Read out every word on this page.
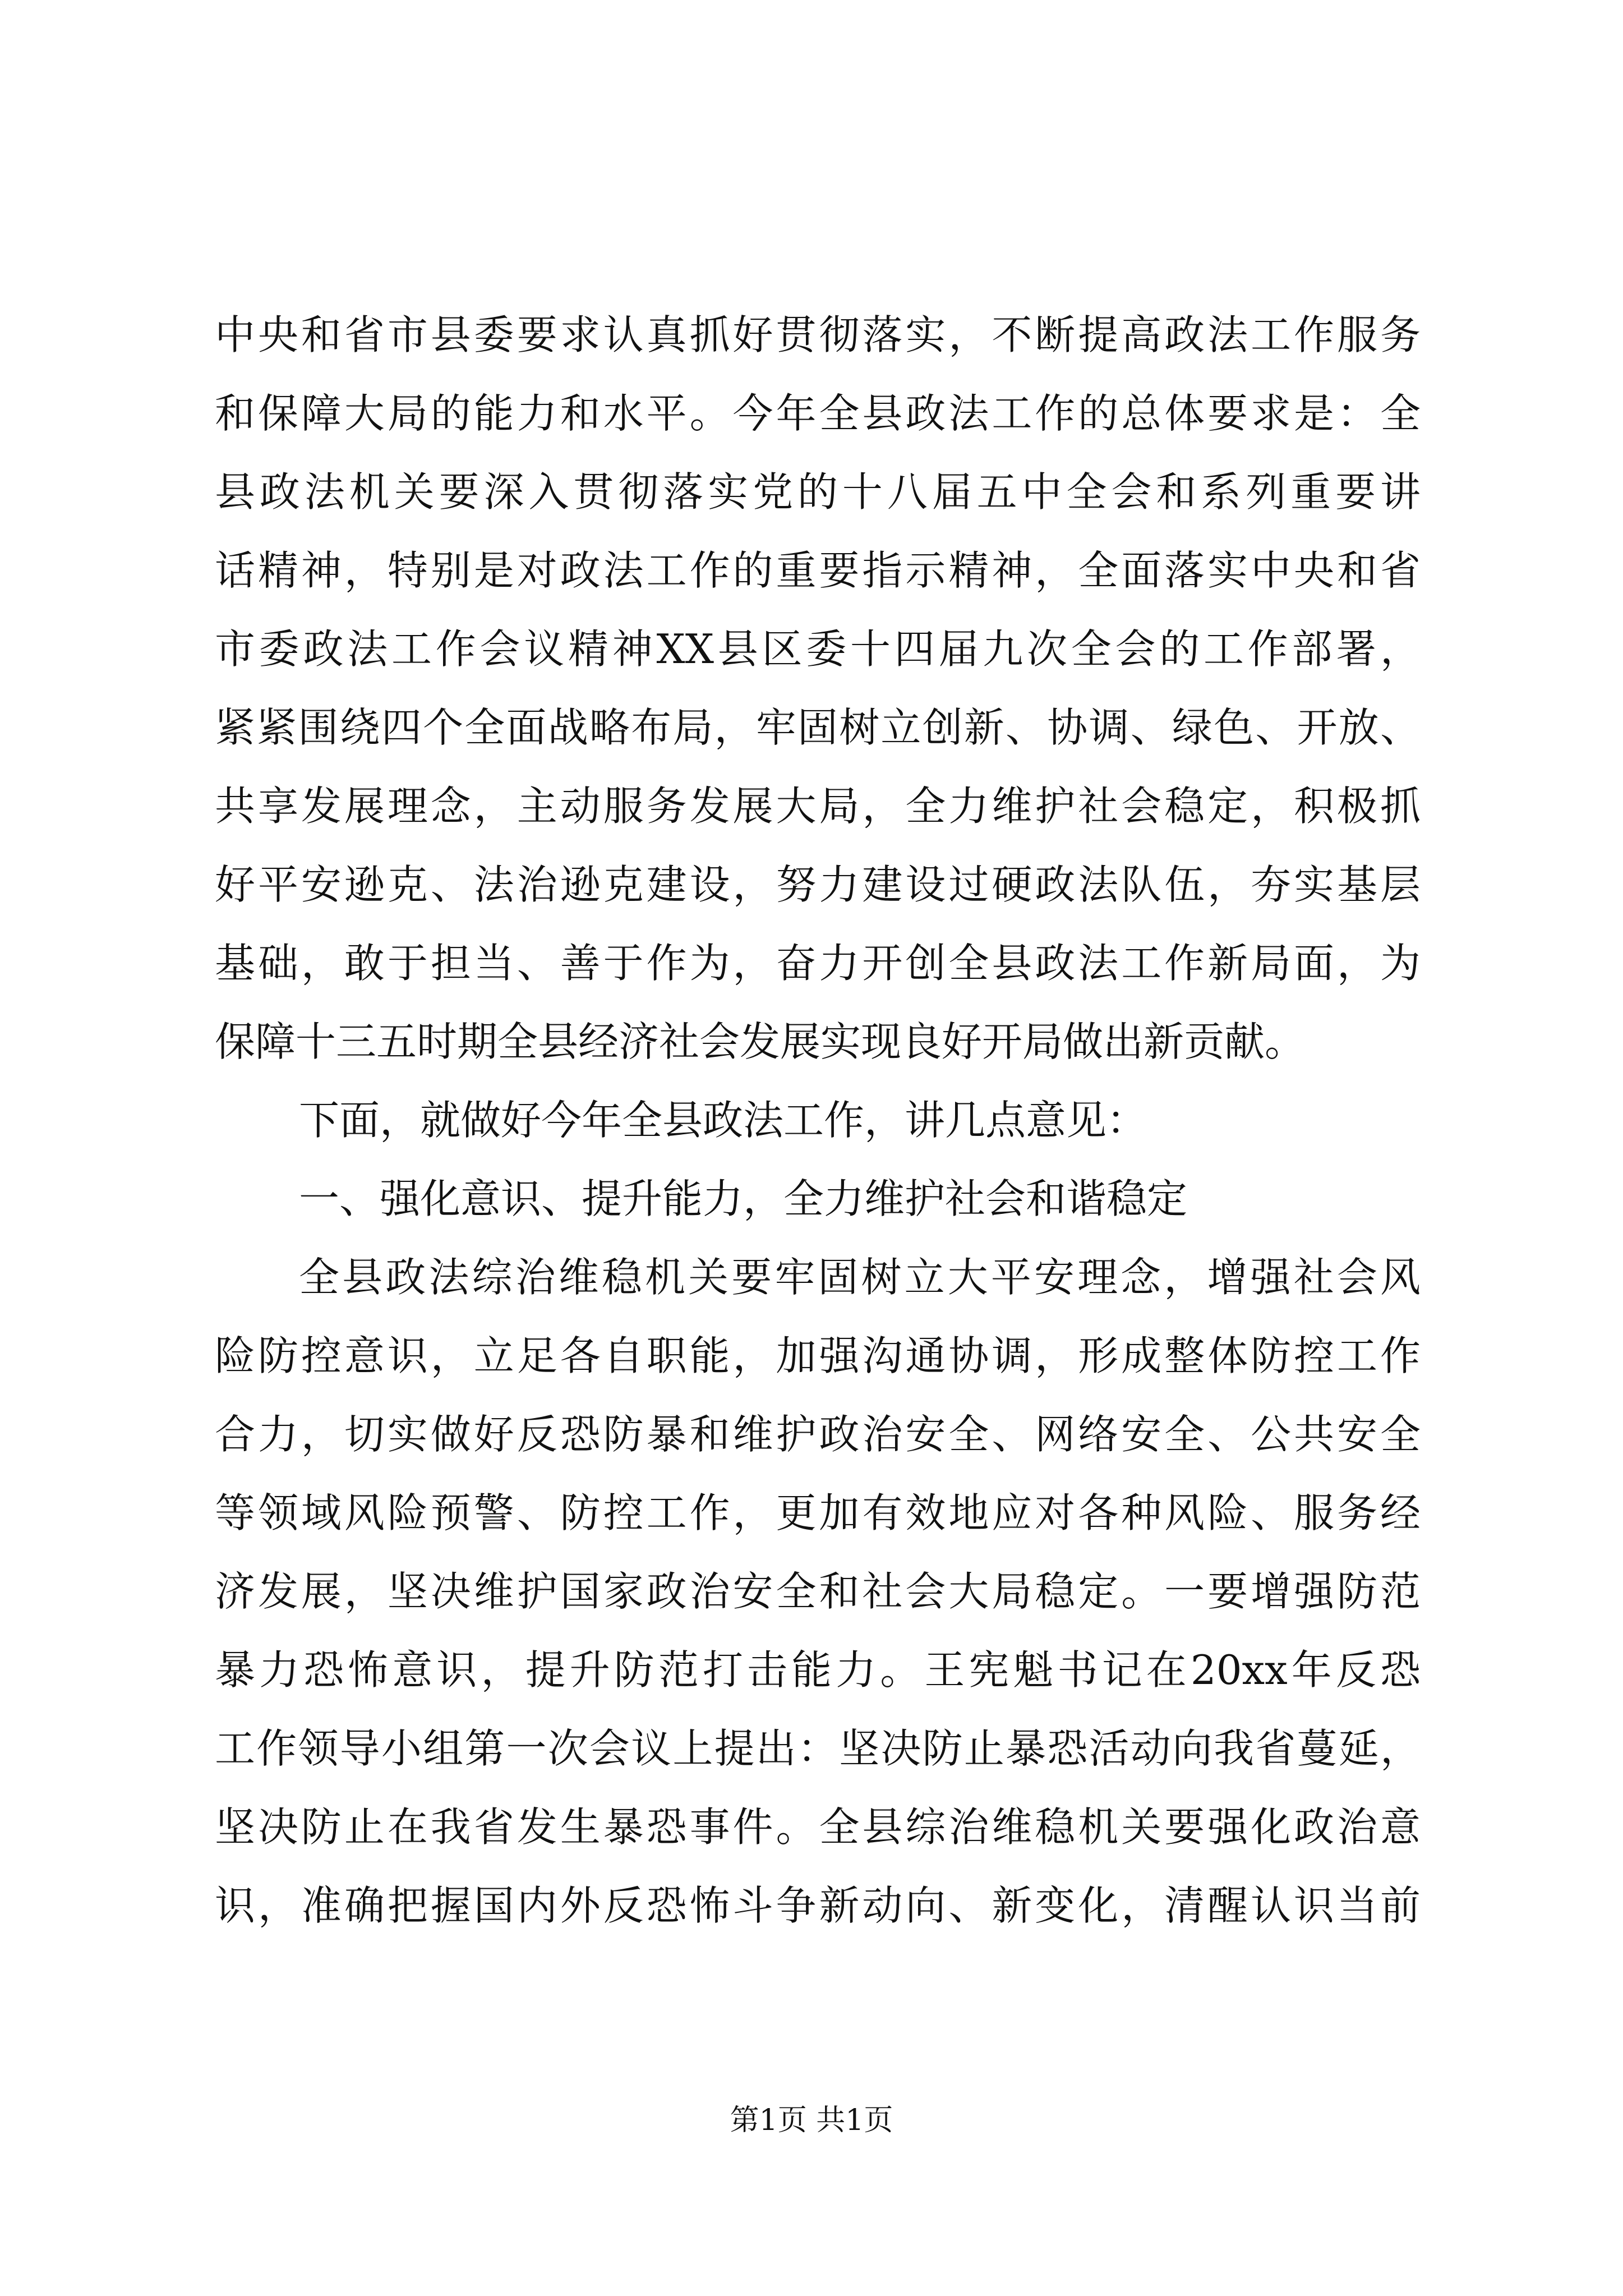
中央和省市县委要求认真抓好贯彻落实，不断提高政法工作服务
和保障大局的能力和水平。今年全县政法工作的总体要求是：全
县政法机关要深入贯彻落实党的十八届五中全会和系列重要讲
话精神，特别是对政法工作的重要指示精神，全面落实中央和省
市委政法工作会议精神XX县区委十四届九次全会的工作部署，
紧紧围绕四个全面战略布局，牢固树立创新、协调、绿色、开放、
共享发展理念，主动服务发展大局，全力维护社会稳定，积极抓
好平安逊克、法治逊克建设，努力建设过硬政法队伍，夯实基层
基础，敢于担当、善于作为，奋力开创全县政法工作新局面，为
保障十三五时期全县经济社会发展实现良好开局做出新贡献。
下面，就做好今年全县政法工作，讲几点意见：
一、强化意识、提升能力，全力维护社会和谐稳定
全县政法综治维稳机关要牢固树立大平安理念，增强社会风
险防控意识，立足各自职能，加强沟通协调，形成整体防控工作
合力，切实做好反恐防暴和维护政治安全、网络安全、公共安全
等领域风险预警、防控工作，更加有效地应对各种风险、服务经
济发展，坚决维护国家政治安全和社会大局稳定。一要增强防范
暴力恐怖意识，提升防范打击能力。王宪魁书记在20xx年反恐
工作领导小组第一次会议上提出：坚决防止暴恐活动向我省蔓延，
坚决防止在我省发生暴恐事件。全县综治维稳机关要强化政治意
识，准确把握国内外反恐怖斗争新动向、新变化，清醒认识当前
第1页 共1页
